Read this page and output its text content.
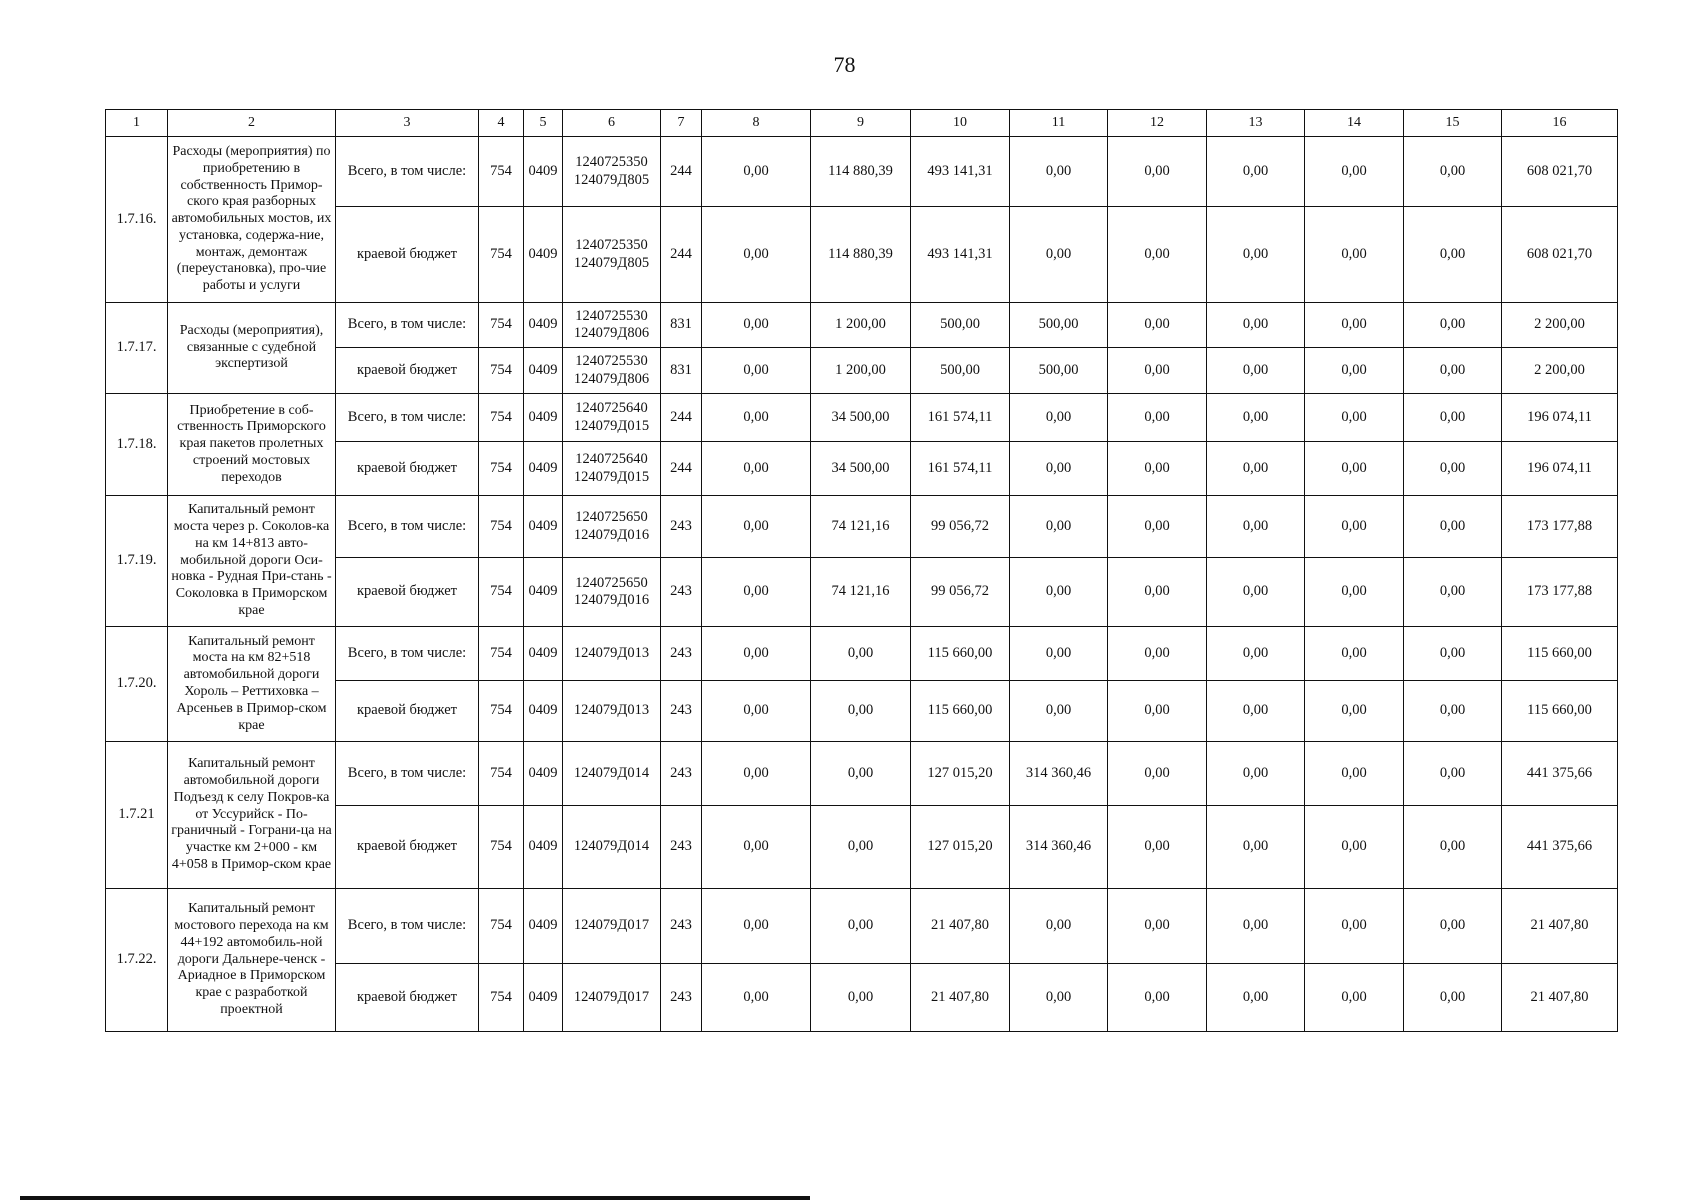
78
1	2	3	4	5	6	7	8	9	10	11	12	13	14	15	16
1.7.16.	Расходы (мероприятия) по приобретению в собственность Примор-ского края разборных автомобильных мостов, их установка, содержа-ние, монтаж, демонтаж (переустановка), про-чие работы и услуги	Всего, в том числе:	754	0409	1240725350 124079Д805	244	0,00	114 880,39	493 141,31	0,00	0,00	0,00	0,00	0,00	608 021,70
		краевой бюджет	754	0409	1240725350 124079Д805	244	0,00	114 880,39	493 141,31	0,00	0,00	0,00	0,00	0,00	608 021,70
1.7.17.	Расходы (мероприятия), связанные с судебной экспертизой	Всего, в том числе:	754	0409	1240725530 124079Д806	831	0,00	1 200,00	500,00	500,00	0,00	0,00	0,00	0,00	2 200,00
		краевой бюджет	754	0409	1240725530 124079Д806	831	0,00	1 200,00	500,00	500,00	0,00	0,00	0,00	0,00	2 200,00
1.7.18.	Приобретение в соб-ственность Приморского края пакетов пролетных строений мостовых переходов	Всего, в том числе:	754	0409	1240725640 124079Д015	244	0,00	34 500,00	161 574,11	0,00	0,00	0,00	0,00	0,00	196 074,11
		краевой бюджет	754	0409	1240725640 124079Д015	244	0,00	34 500,00	161 574,11	0,00	0,00	0,00	0,00	0,00	196 074,11
1.7.19.	Капитальный ремонт моста через р. Соколов-ка на км 14+813 авто-мобильной дороги Оси-новка - Рудная При-стань - Соколовка в Приморском крае	Всего, в том числе:	754	0409	1240725650 124079Д016	243	0,00	74 121,16	99 056,72	0,00	0,00	0,00	0,00	0,00	173 177,88
		краевой бюджет	754	0409	1240725650 124079Д016	243	0,00	74 121,16	99 056,72	0,00	0,00	0,00	0,00	0,00	173 177,88
1.7.20.	Капитальный ремонт моста на км 82+518 автомобильной дороги Хороль – Реттиховка – Арсеньев в Примор-ском крае	Всего, в том числе:	754	0409	124079Д013	243	0,00	0,00	115 660,00	0,00	0,00	0,00	0,00	0,00	115 660,00
		краевой бюджет	754	0409	124079Д013	243	0,00	0,00	115 660,00	0,00	0,00	0,00	0,00	0,00	115 660,00
1.7.21	Капитальный ремонт автомобильной дороги Подъезд к селу Покров-ка от Уссурийск - По-граничный - Гограни-ца на участке км 2+000 - км 4+058 в Примор-ском крае	Всего, в том числе:	754	0409	124079Д014	243	0,00	0,00	127 015,20	314 360,46	0,00	0,00	0,00	0,00	441 375,66
		краевой бюджет	754	0409	124079Д014	243	0,00	0,00	127 015,20	314 360,46	0,00	0,00	0,00	0,00	441 375,66
1.7.22.	Капитальный ремонт мостового перехода на км 44+192 автомобиль-ной дороги Дальнере-ченск - Ариадное в Приморском крае с разработкой проектной	Всего, в том числе:	754	0409	124079Д017	243	0,00	0,00	21 407,80	0,00	0,00	0,00	0,00	0,00	21 407,80
		краевой бюджет	754	0409	124079Д017	243	0,00	0,00	21 407,80	0,00	0,00	0,00	0,00	0,00	21 407,80
